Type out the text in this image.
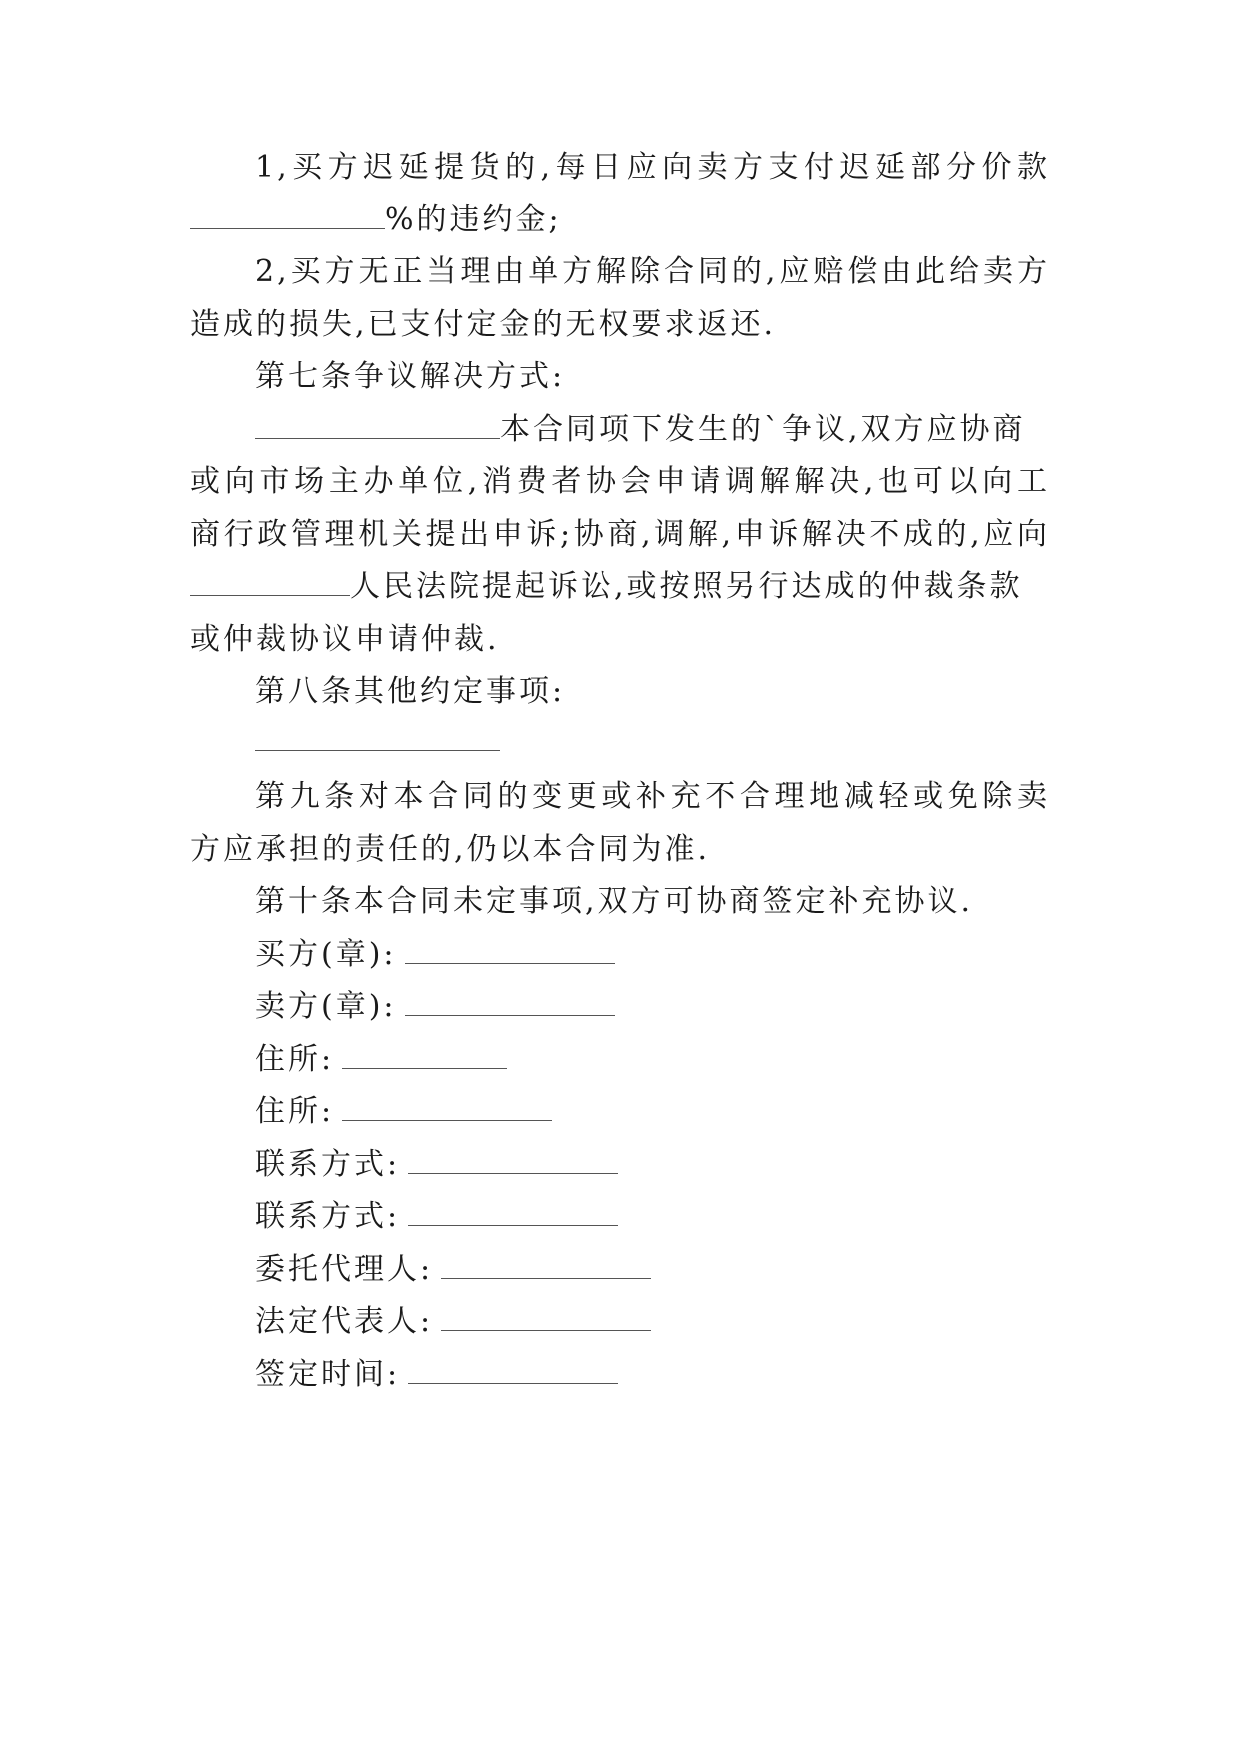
1,买方迟延提货的,每日应向卖方支付迟延部分价款
%的违约金;
2,买方无正当理由单方解除合同的,应赔偿由此给卖方
造成的损失,已支付定金的无权要求返还.
第七条争议解决方式:
本合同项下发生的`争议,双方应协商
或向市场主办单位,消费者协会申请调解解决,也可以向工
商行政管理机关提出申诉;协商,调解,申诉解决不成的,应向
人民法院提起诉讼,或按照另行达成的仲裁条款
或仲裁协议申请仲裁.
第八条其他约定事项:
第九条对本合同的变更或补充不合理地减轻或免除卖
方应承担的责任的,仍以本合同为准.
第十条本合同未定事项,双方可协商签定补充协议.
买方(章):
卖方(章):
住所:
住所:
联系方式:
联系方式:
委托代理人:
法定代表人:
签定时间:
